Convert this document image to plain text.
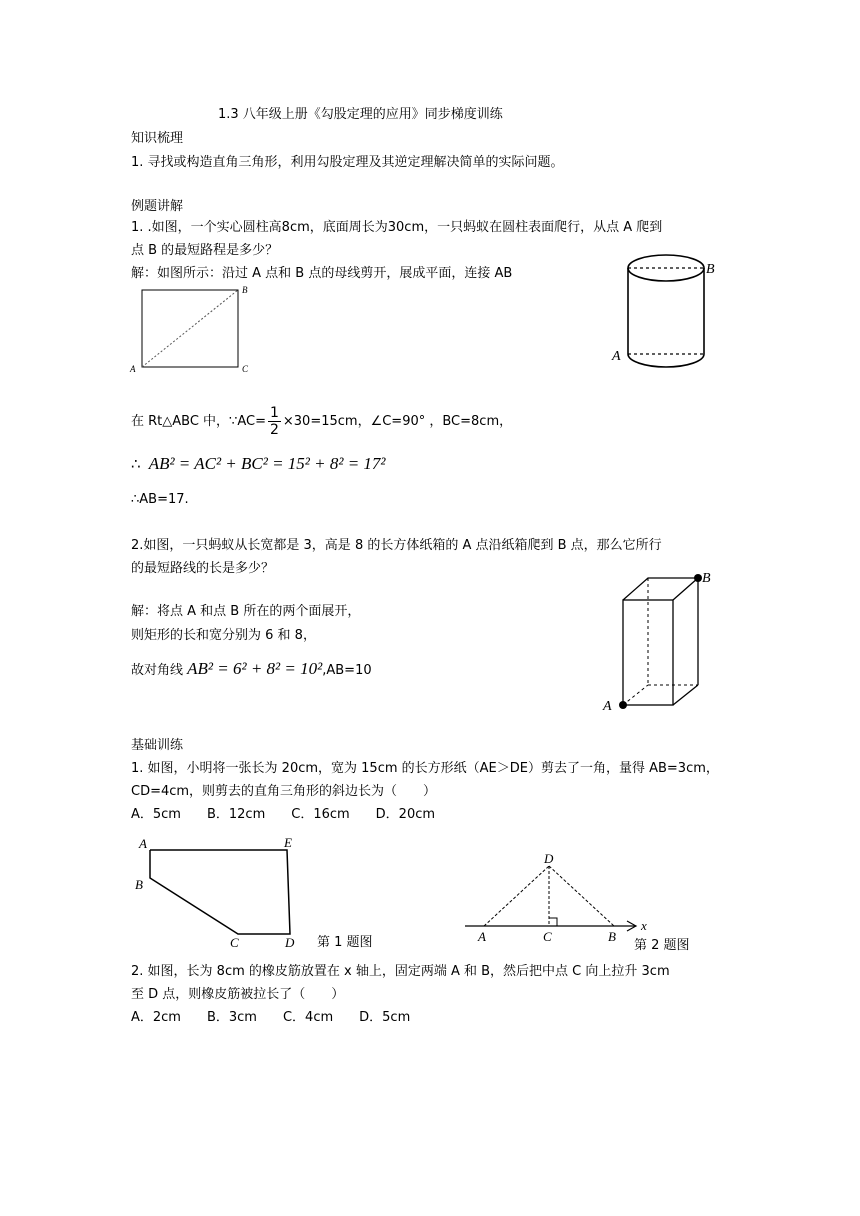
1.3 八年级上册《勾股定理的应用》同步梯度训练
知识梳理
1. 寻找或构造直角三角形，利用勾股定理及其逆定理解决简单的实际问题。
例题讲解
1. .如图，一个实心圆柱高8cm，底面周长为30cm，一只蚂蚁在圆柱表面爬行，从点 A 爬到
点 B 的最短路程是多少？
解：如图所示：沿过 A 点和 B 点的母线剪开，展成平面，连接 AB
A
B
C
B
A
在 Rt△ABC 中，∵AC= $\frac{1}{2} \times 30=15cm$，∠C=90° ，BC=8cm，
∴ AB² = AC² + BC² = 15² + 8² = 17²
∴AB=17.
2.如图，一只蚂蚁从长宽都是 3，高是 8 的长方体纸箱的 A 点沿纸箱爬到 B 点，那么它所行
的最短路线的长是多少？
解：将点 A 和点 B 所在的两个面展开，
则矩形的长和宽分别为 6 和 8，
故对角线 AB² = 6² + 8² = 10²,AB=10
B
A
基础训练
1. 如图，小明将一张长为 20cm，宽为 15cm 的长方形纸（AE＞DE）剪去了一角，量得 AB=3cm，
CD=4cm，则剪去的直角三角形的斜边长为（　　）
A．5cm　　B．12cm　　C．16cm　　D．20cm
A	E
B
C	D 第 1 题图
D
A	C	B
x
第 2 题图
2. 如图，长为 8cm 的橡皮筋放置在 x 轴上，固定两端 A 和 B，然后把中点 C 向上拉升 3cm
至 D 点，则橡皮筋被拉长了（　　）
A．2cm　　B．3cm　　C．4cm　　D．5cm
